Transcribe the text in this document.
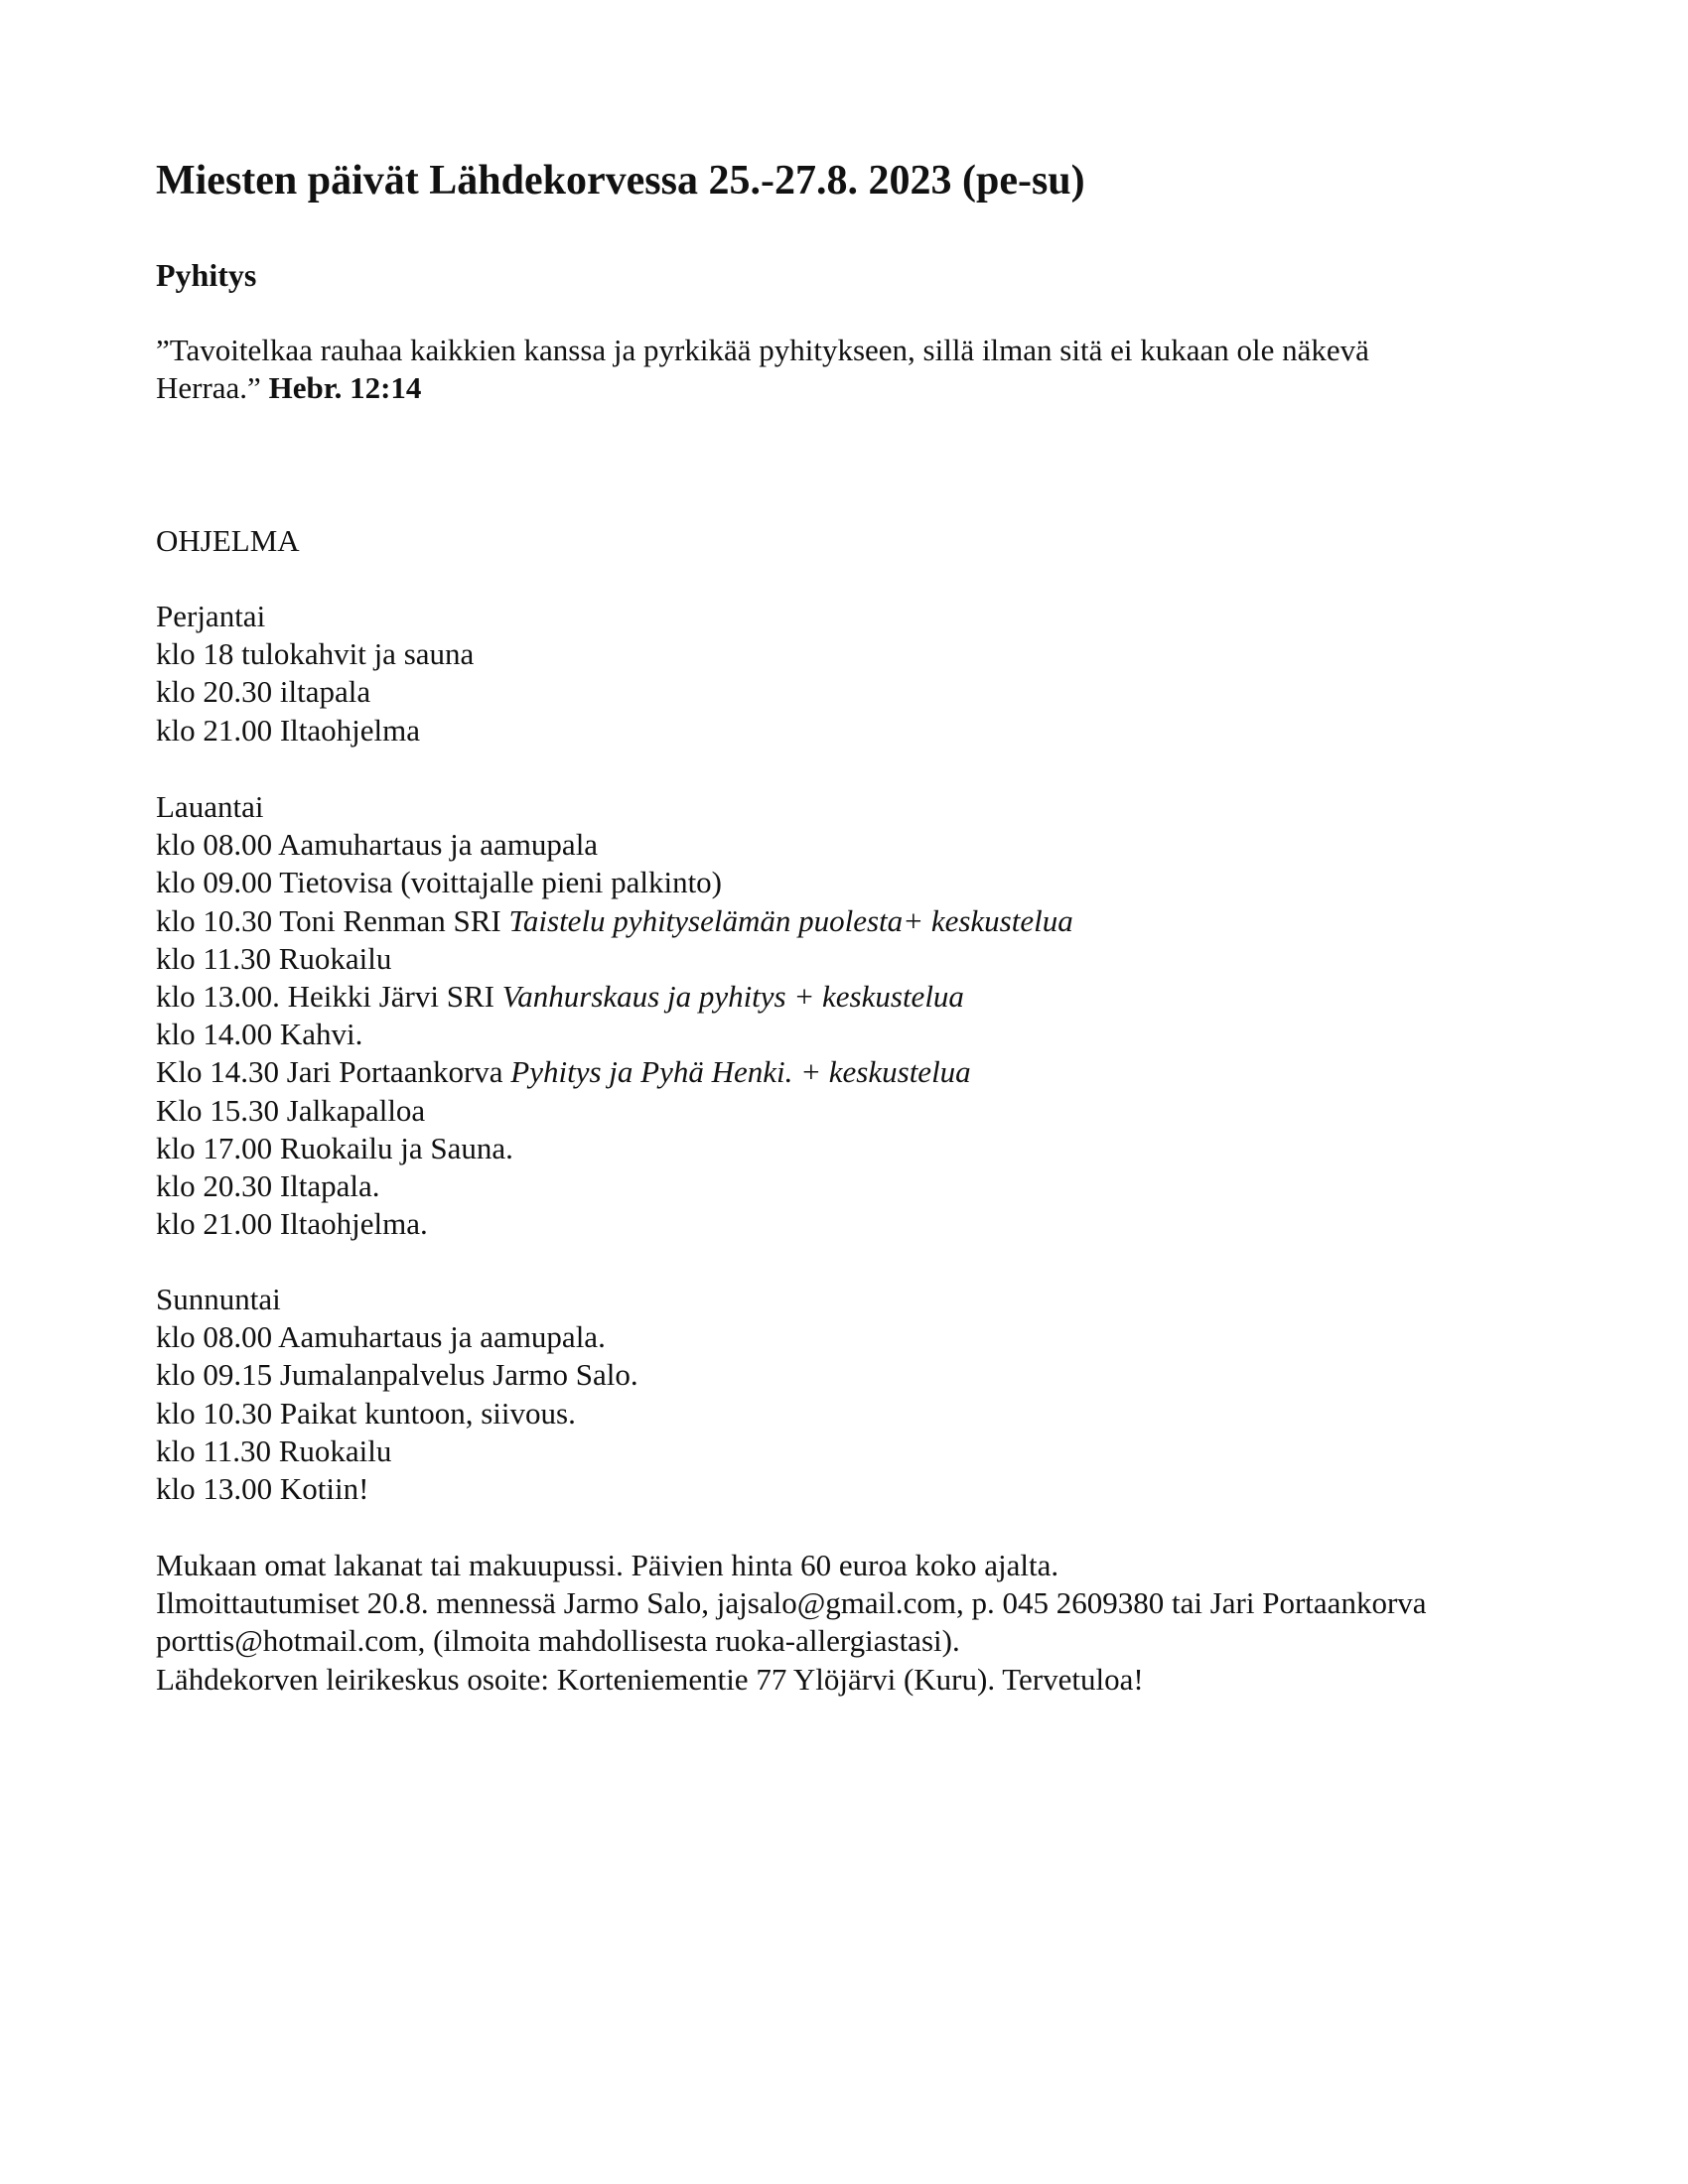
Miesten päivät Lähdekorvessa 25.-27.8. 2023 (pe-su)
Pyhitys

”Tavoitelkaa rauhaa kaikkien kanssa ja pyrkikää pyhitykseen, sillä ilman sitä ei kukaan ole näkevä
Herraa.” Hebr. 12:14

OHJELMA
Perjantai
klo 18 tulokahvit ja sauna
klo 20.30 iltapala
klo 21.00 Iltaohjelma
Lauantai
klo 08.00 Aamuhartaus ja aamupala
klo 09.00 Tietovisa (voittajalle pieni palkinto)
klo 10.30 Toni Renman SRI Taistelu pyhityselämän puolesta+ keskustelua
klo 11.30 Ruokailu
klo 13.00. Heikki Järvi SRI Vanhurskaus ja pyhitys + keskustelua
klo 14.00 Kahvi.
Klo 14.30 Jari Portaankorva Pyhitys ja Pyhä Henki. + keskustelua
Klo 15.30 Jalkapalloa
klo 17.00 Ruokailu ja Sauna.
klo 20.30 Iltapala.
klo 21.00 Iltaohjelma.
Sunnuntai
klo 08.00 Aamuhartaus ja aamupala.
klo 09.15 Jumalanpalvelus Jarmo Salo.
klo 10.30 Paikat kuntoon, siivous.
klo 11.30 Ruokailu
klo 13.00 Kotiin!
Mukaan omat lakanat tai makuupussi. Päivien hinta 60 euroa koko ajalta.
Ilmoittautumiset 20.8. mennessä Jarmo Salo, jajsalo@gmail.com, p. 045 2609380 tai Jari Portaankorva
porttis@hotmail.com, (ilmoita mahdollisesta ruoka-allergiastasi).
Lähdekorven leirikeskus osoite: Korteniementie 77 Ylöjärvi (Kuru). Tervetuloa!
